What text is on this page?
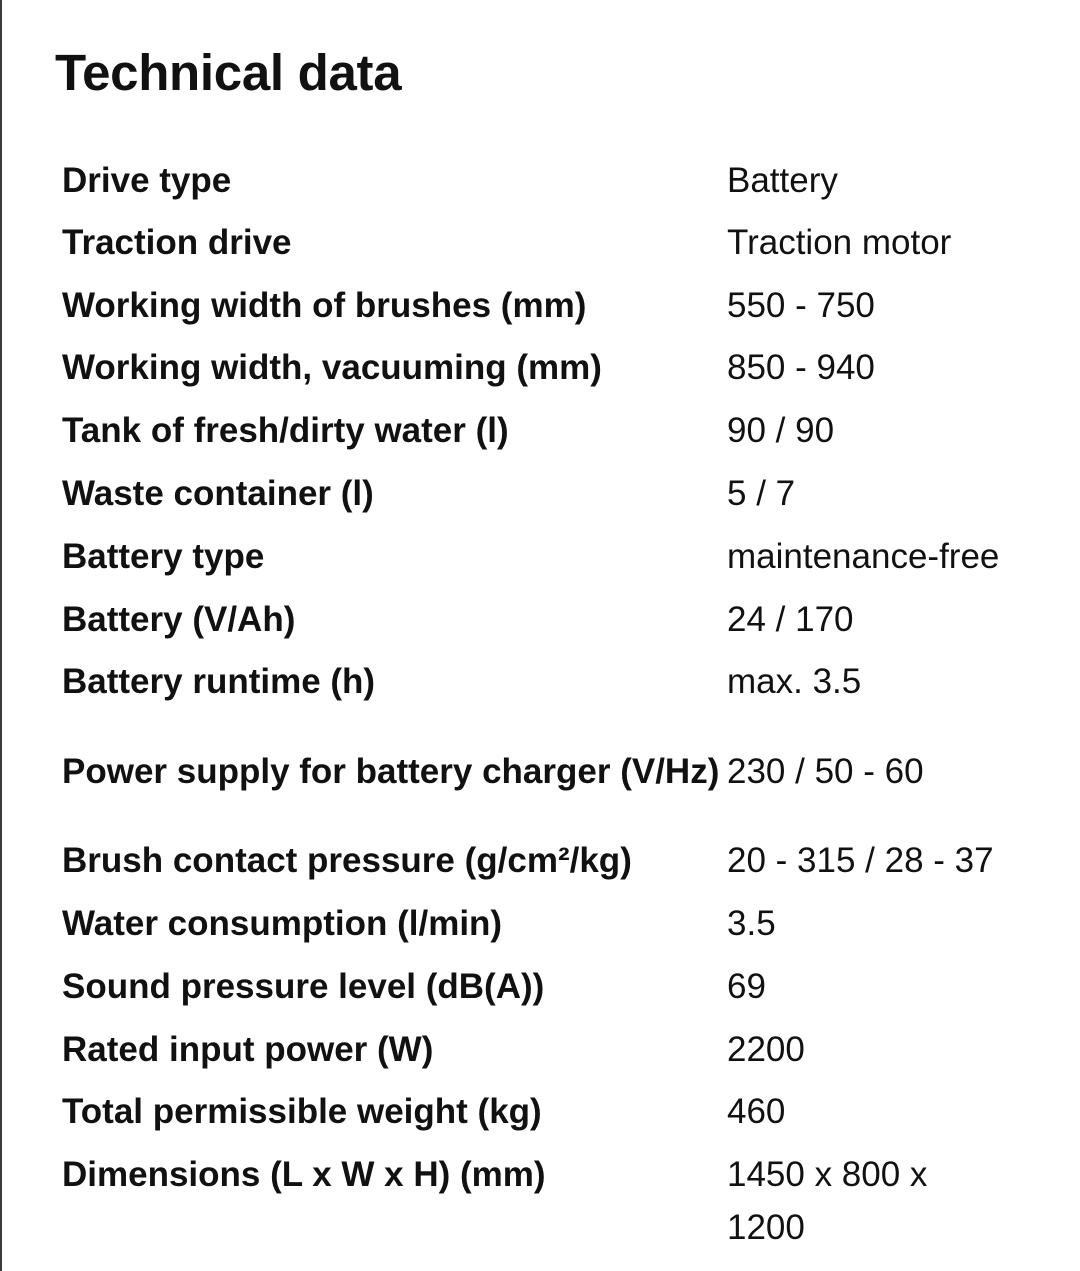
Technical data
Drive type	Battery
Traction drive	Traction motor
Working width of brushes (mm)	550 - 750
Working width, vacuuming (mm)	850 - 940
Tank of fresh/dirty water (l)	90 / 90
Waste container (l)	5 / 7
Battery type	maintenance-free
Battery (V/Ah)	24 / 170
Battery runtime (h)	max. 3.5
Power supply for battery charger (V/Hz) 230 / 50 - 60
Brush contact pressure (g/cm²/kg)	20 - 315 / 28 - 37
Water consumption (l/min)	3.5
Sound pressure level (dB(A))	69
Rated input power (W)	2200
Total permissible weight (kg)	460
Dimensions (L x W x H) (mm)	1450 x 800 x 1200
